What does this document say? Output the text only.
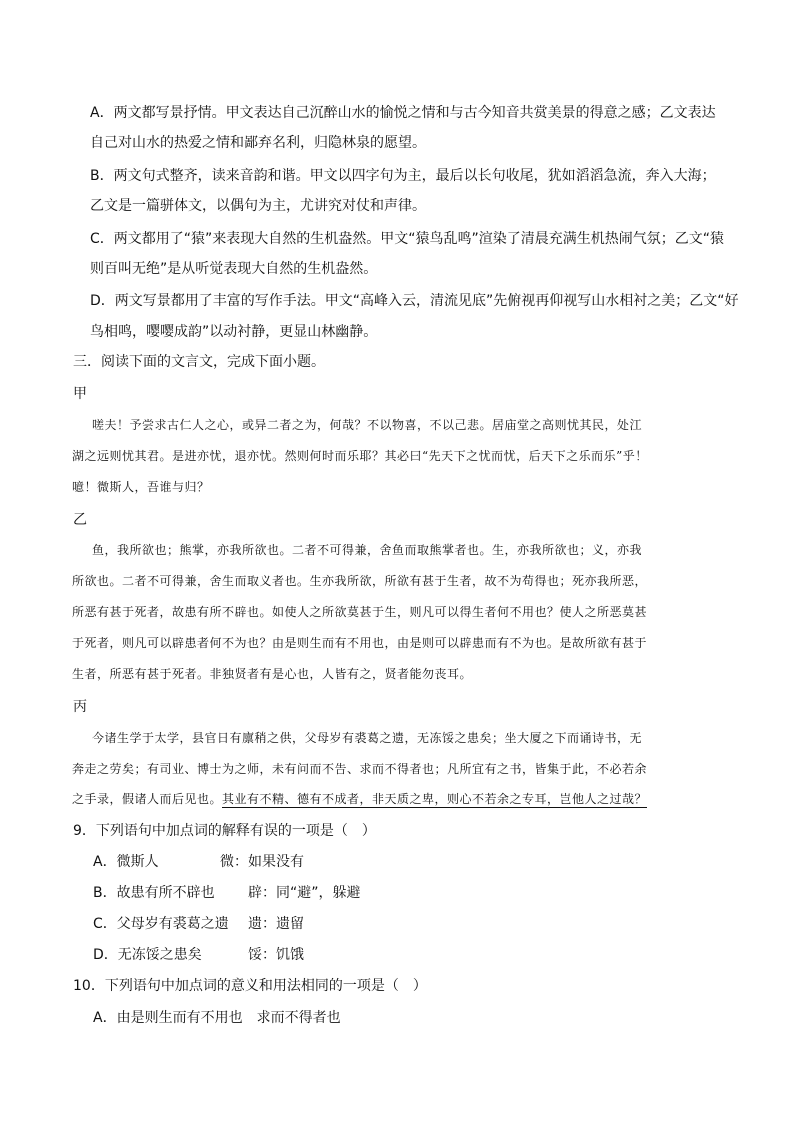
A．两文都写景抒情。甲文表达自己沉醉山水的愉悦之情和与古今知音共赏美景的得意之感；乙文表达
自己对山水的热爱之情和鄙弃名利，归隐林泉的愿望。
B．两文句式整齐，读来音韵和谐。甲文以四字句为主，最后以长句收尾，犹如滔滔急流，奔入大海；
乙文是一篇骈体文，以偶句为主，尤讲究对仗和声律。
C．两文都用了“猿”来表现大自然的生机盎然。甲文“猿鸟乱鸣”渲染了清晨充满生机热闹气氛；乙文“猿
则百叫无绝”是从听觉表现大自然的生机盎然。
D．两文写景都用了丰富的写作手法。甲文“高峰入云，清流见底”先俯视再仰视写山水相衬之美；乙文“好
鸟相鸣，嘤嘤成韵”以动衬静，更显山林幽静。
三．阅读下面的文言文，完成下面小题。
甲
嗟夫！予尝求古仁人之心，或异二者之为，何哉？不以物喜，不以己悲。居庙堂之高则忧其民，处江
湖之远则忧其君。是进亦忧，退亦忧。然则何时而乐耶？其必曰“先天下之忧而忧，后天下之乐而乐”乎！
噫！微斯人，吾谁与归？
乙
鱼，我所欲也；熊掌，亦我所欲也。二者不可得兼，舍鱼而取熊掌者也。生，亦我所欲也；义，亦我
所欲也。二者不可得兼，舍生而取义者也。生亦我所欲，所欲有甚于生者，故不为苟得也；死亦我所恶，
所恶有甚于死者，故患有所不辟也。如使人之所欲莫甚于生，则凡可以得生者何不用也？使人之所恶莫甚
于死者，则凡可以辟患者何不为也？由是则生而有不用也，由是则可以辟患而有不为也。是故所欲有甚于
生者，所恶有甚于死者。非独贤者有是心也，人皆有之，贤者能勿丧耳。
丙
今诸生学于太学，县官日有廪稍之供，父母岁有裘葛之遗，无冻馁之患矣；坐大厦之下而诵诗书，无
奔走之劳矣；有司业、博士为之师，未有问而不告、求而不得者也；凡所宜有之书，皆集于此，不必若余
之手录，假诸人而后见也。其业有不精、德有不成者，非天质之卑，则心不若余之专耳，岂他人之过哉？
9．下列语句中加点词的解释有误的一项是（　）
A．微斯人	微：如果没有
B．故患有所不辟也 辟：同“避”，躲避
C．父母岁有裘葛之遗 遗：遗留
D．无冻馁之患矣	馁：饥饿
10．下列语句中加点词的意义和用法相同的一项是（　）
A．由是则生而有不用也　求而不得者也
